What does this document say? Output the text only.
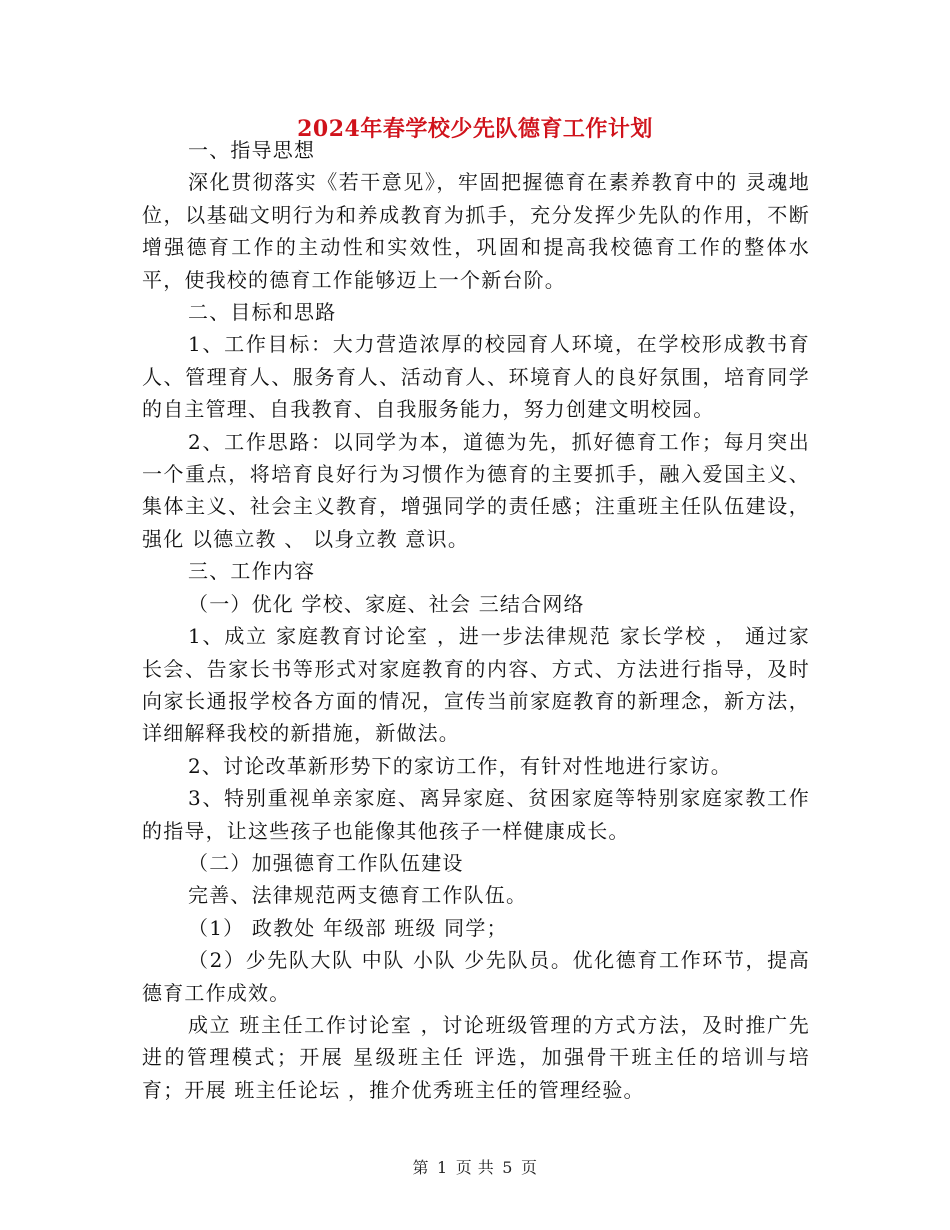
2024年春学校少先队德育工作计划

一、指导思想

深化贯彻落实《若干意见》，牢固把握德育在素养教育中的 灵魂地位，以基础文明行为和养成教育为抓手，充分发挥少先队的作用，不断增强德育工作的主动性和实效性，巩固和提高我校德育工作的整体水平，使我校的德育工作能够迈上一个新台阶。

二、目标和思路

1、工作目标：大力营造浓厚的校园育人环境，在学校形成教书育人、管理育人、服务育人、活动育人、环境育人的良好氛围，培育同学的自主管理、自我教育、自我服务能力，努力创建文明校园。

2、工作思路：以同学为本，道德为先，抓好德育工作；每月突出一个重点，将培育良好行为习惯作为德育的主要抓手，融入爱国主义、集体主义、社会主义教育，增强同学的责任感；注重班主任队伍建设，强化 以德立教 、 以身立教 意识。

三、工作内容

（一）优化 学校、家庭、社会 三结合网络

1、成立 家庭教育讨论室 ，进一步法律规范 家长学校 ， 通过家长会、告家长书等形式对家庭教育的内容、方式、方法进行指导，及时向家长通报学校各方面的情况，宣传当前家庭教育的新理念，新方法，详细解释我校的新措施，新做法。

2、讨论改革新形势下的家访工作，有针对性地进行家访。

3、特别重视单亲家庭、离异家庭、贫困家庭等特别家庭家教工作的指导，让这些孩子也能像其他孩子一样健康成长。

（二）加强德育工作队伍建设

完善、法律规范两支德育工作队伍。

（1） 政教处 年级部 班级 同学；

（2）少先队大队 中队 小队 少先队员。优化德育工作环节，提高德育工作成效。

成立 班主任工作讨论室 ，讨论班级管理的方式方法，及时推广先进的管理模式；开展 星级班主任 评选，加强骨干班主任的培训与培育；开展 班主任论坛 ，推介优秀班主任的管理经验。

第 1 页 共 5 页
